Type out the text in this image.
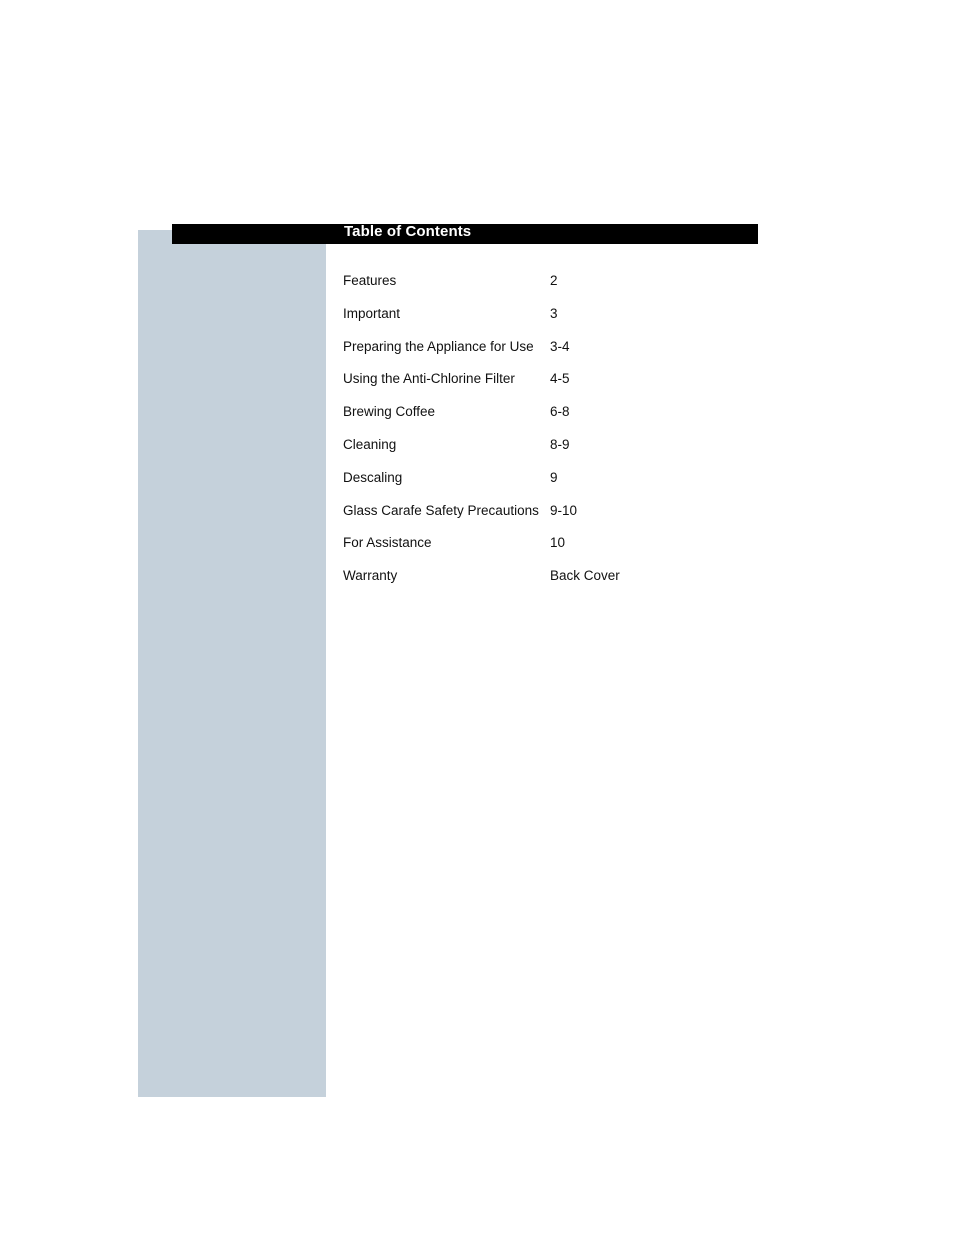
Table of Contents
Features	2
Important	3
Preparing the Appliance for Use 3-4
Using the Anti-Chlorine Filter	4-5
Brewing Coffee	6-8
Cleaning	8-9
Descaling	9
Glass Carafe Safety Precautions 9-10
For Assistance	10
Warranty	Back Cover
